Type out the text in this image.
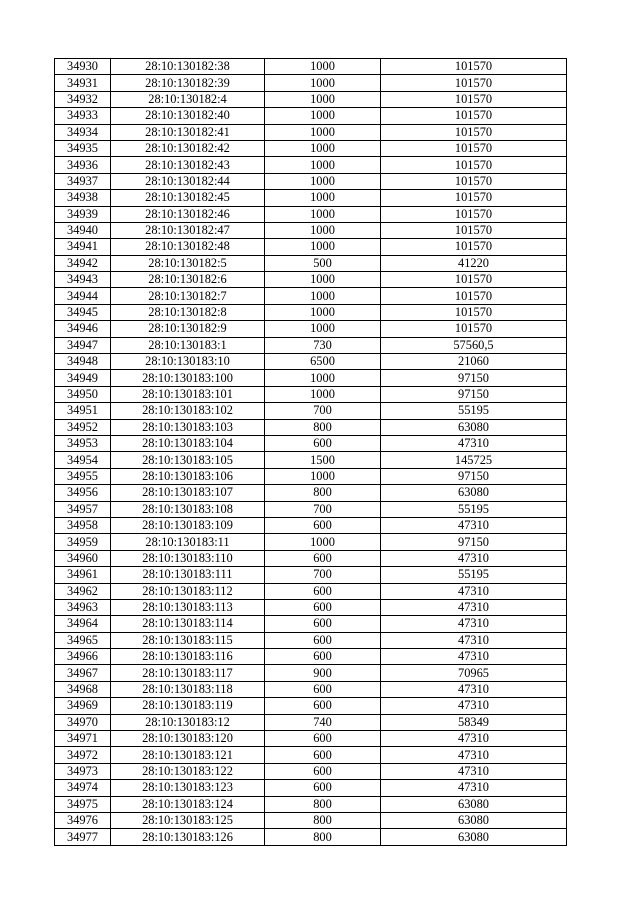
34930	28:10:130182:38	1000	101570
34931	28:10:130182:39	1000	101570
34932	28:10:130182:4	1000	101570
34933	28:10:130182:40	1000	101570
34934	28:10:130182:41	1000	101570
34935	28:10:130182:42	1000	101570
34936	28:10:130182:43	1000	101570
34937	28:10:130182:44	1000	101570
34938	28:10:130182:45	1000	101570
34939	28:10:130182:46	1000	101570
34940	28:10:130182:47	1000	101570
34941	28:10:130182:48	1000	101570
34942	28:10:130182:5	500	41220
34943	28:10:130182:6	1000	101570
34944	28:10:130182:7	1000	101570
34945	28:10:130182:8	1000	101570
34946	28:10:130182:9	1000	101570
34947	28:10:130183:1	730	57560,5
34948	28:10:130183:10	6500	21060
34949	28:10:130183:100	1000	97150
34950	28:10:130183:101	1000	97150
34951	28:10:130183:102	700	55195
34952	28:10:130183:103	800	63080
34953	28:10:130183:104	600	47310
34954	28:10:130183:105	1500	145725
34955	28:10:130183:106	1000	97150
34956	28:10:130183:107	800	63080
34957	28:10:130183:108	700	55195
34958	28:10:130183:109	600	47310
34959	28:10:130183:11	1000	97150
34960	28:10:130183:110	600	47310
34961	28:10:130183:111	700	55195
34962	28:10:130183:112	600	47310
34963	28:10:130183:113	600	47310
34964	28:10:130183:114	600	47310
34965	28:10:130183:115	600	47310
34966	28:10:130183:116	600	47310
34967	28:10:130183:117	900	70965
34968	28:10:130183:118	600	47310
34969	28:10:130183:119	600	47310
34970	28:10:130183:12	740	58349
34971	28:10:130183:120	600	47310
34972	28:10:130183:121	600	47310
34973	28:10:130183:122	600	47310
34974	28:10:130183:123	600	47310
34975	28:10:130183:124	800	63080
34976	28:10:130183:125	800	63080
34977	28:10:130183:126	800	63080
